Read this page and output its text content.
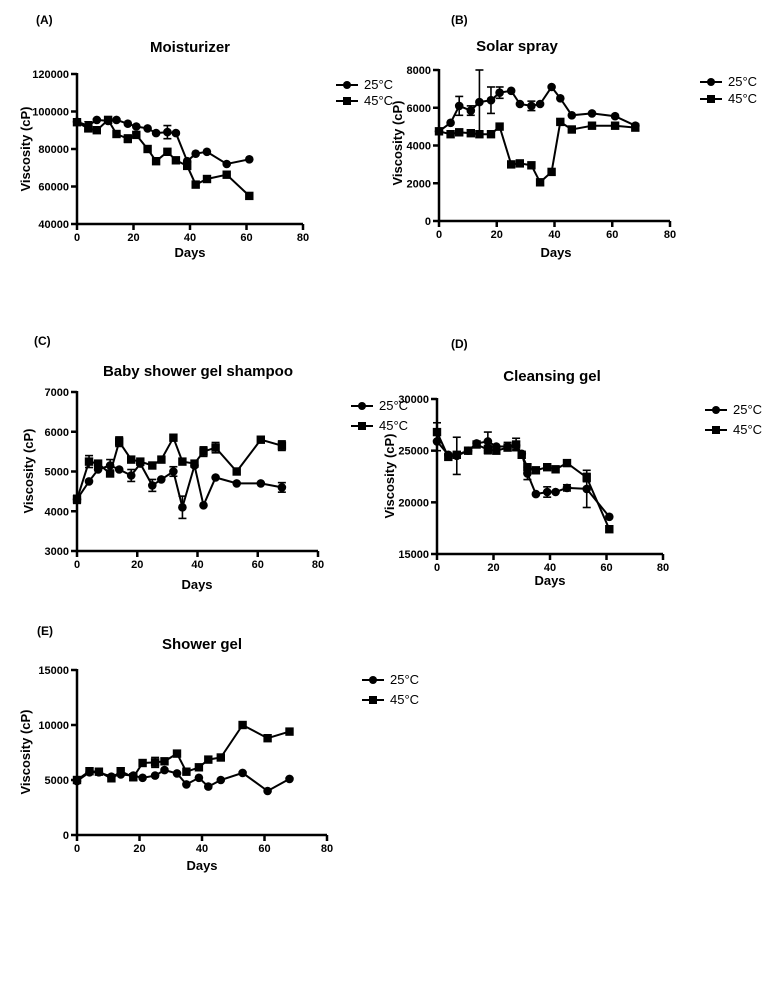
(A)
Moisturizer
Viscosity (cP)
Days
40000
60000
80000
100000
120000
0	20	40	60	80
25°C
45°C
(B)
Solar spray
Viscosity (cP)
Days
0
2000
4000
6000
8000
0	20	40	60	80
25°C
45°C
(C)
Baby shower gel shampoo
Viscosity (cP)
Days
3000
4000
5000
6000
7000
0	20	40	60	80
25°C
45°C
(D)
Cleansing gel
Viscosity (cP)
Days
15000
20000
25000
30000
0	20	40	60	80
25°C
45°C
(E)
Shower gel
Viscosity (cP)
Days
0
5000
10000
15000
0	20	40	60	80
25°C
45°C
